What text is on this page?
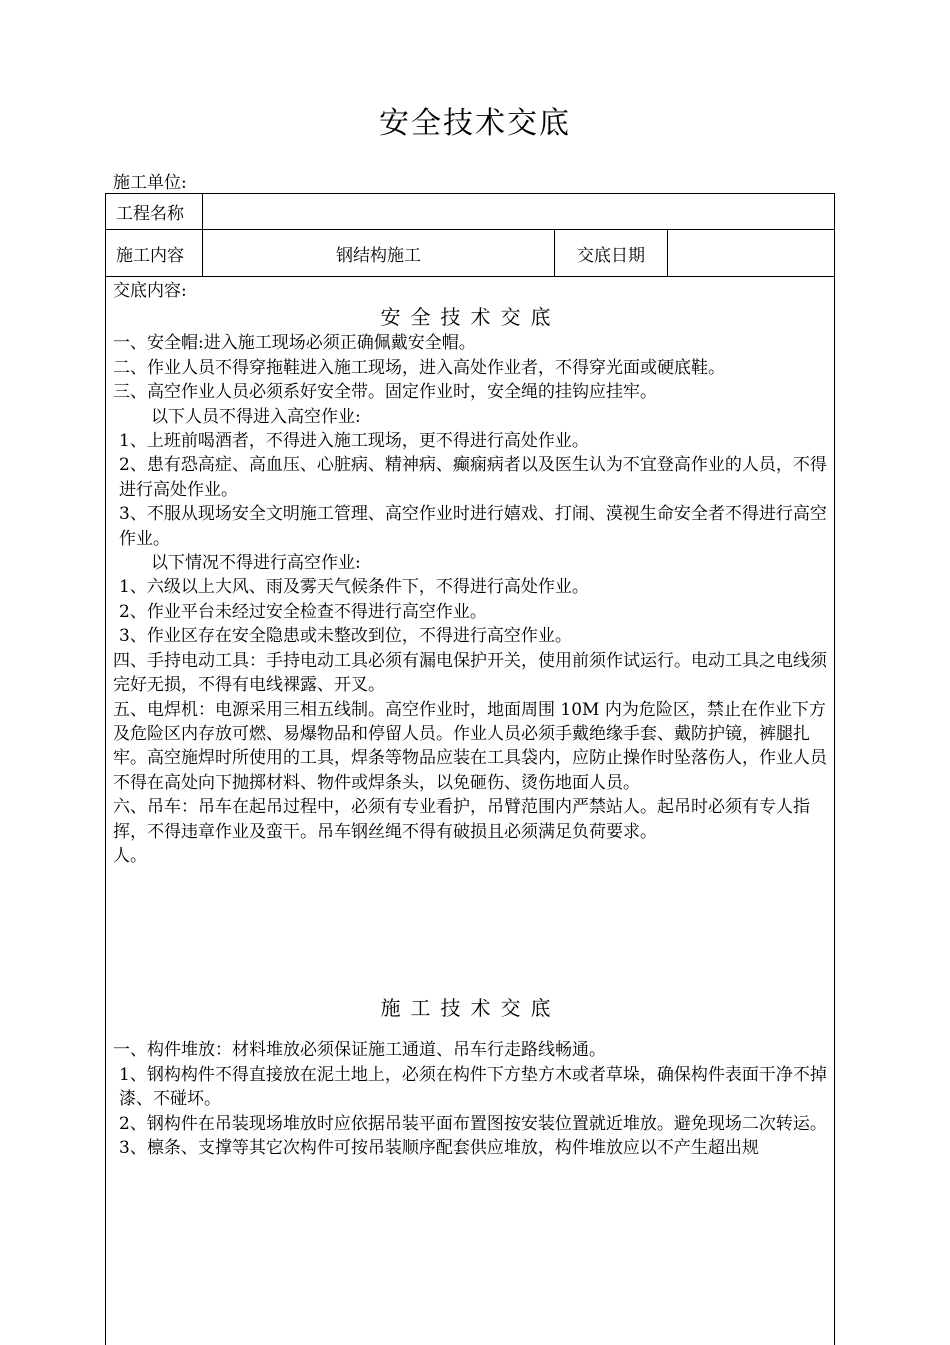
安全技术交底
施工单位:
工程名称
施工内容	钢结构施工	交底日期

交底内容:

安全技术交底

一、安全帽:进入施工现场必须正确佩戴安全帽。

二、作业人员不得穿拖鞋进入施工现场，进入高处作业者，不得穿光面或硬底鞋。

三、高空作业人员必须系好安全带。固定作业时，安全绳的挂钩应挂牢。

以下人员不得进入高空作业:

1、上班前喝酒者，不得进入施工现场，更不得进行高处作业。

2、患有恐高症、高血压、心脏病、精神病、癫痫病者以及医生认为不宜登高作业的人员，不得进行高处作业。

3、不服从现场安全文明施工管理、高空作业时进行嬉戏、打闹、漠视生命安全者不得进行高空作业。

以下情况不得进行高空作业:

1、六级以上大风、雨及雾天气候条件下，不得进行高处作业。

2、作业平台未经过安全检查不得进行高空作业。

3、作业区存在安全隐患或未整改到位，不得进行高空作业。

四、手持电动工具：手持电动工具必须有漏电保护开关，使用前须作试运行。电动工具之电线须完好无损，不得有电线裸露、开叉。

五、电焊机：电源采用三相五线制。高空作业时，地面周围 10M 内为危险区，禁止在作业下方及危险区内存放可燃、易爆物品和停留人员。作业人员必须手戴绝缘手套、戴防护镜，裤腿扎牢。高空施焊时所使用的工具，焊条等物品应装在工具袋内，应防止操作时坠落伤人，作业人员不得在高处向下抛掷材料、物件或焊条头，以免砸伤、烫伤地面人员。

六、吊车：吊车在起吊过程中，必须有专业看护，吊臂范围内严禁站人。起吊时必须有专人指挥，不得违章作业及蛮干。吊车钢丝绳不得有破损且必须满足负荷要求。

人。

施工技术交底

一、构件堆放：材料堆放必须保证施工通道、吊车行走路线畅通。

1、钢构构件不得直接放在泥土地上，必须在构件下方垫方木或者草垛，确保构件表面干净不掉漆、不碰坏。

2、钢构件在吊装现场堆放时应依据吊装平面布置图按安装位置就近堆放。避免现场二次转运。

3、檩条、支撑等其它次构件可按吊装顺序配套供应堆放，构件堆放应以不产生超出规
